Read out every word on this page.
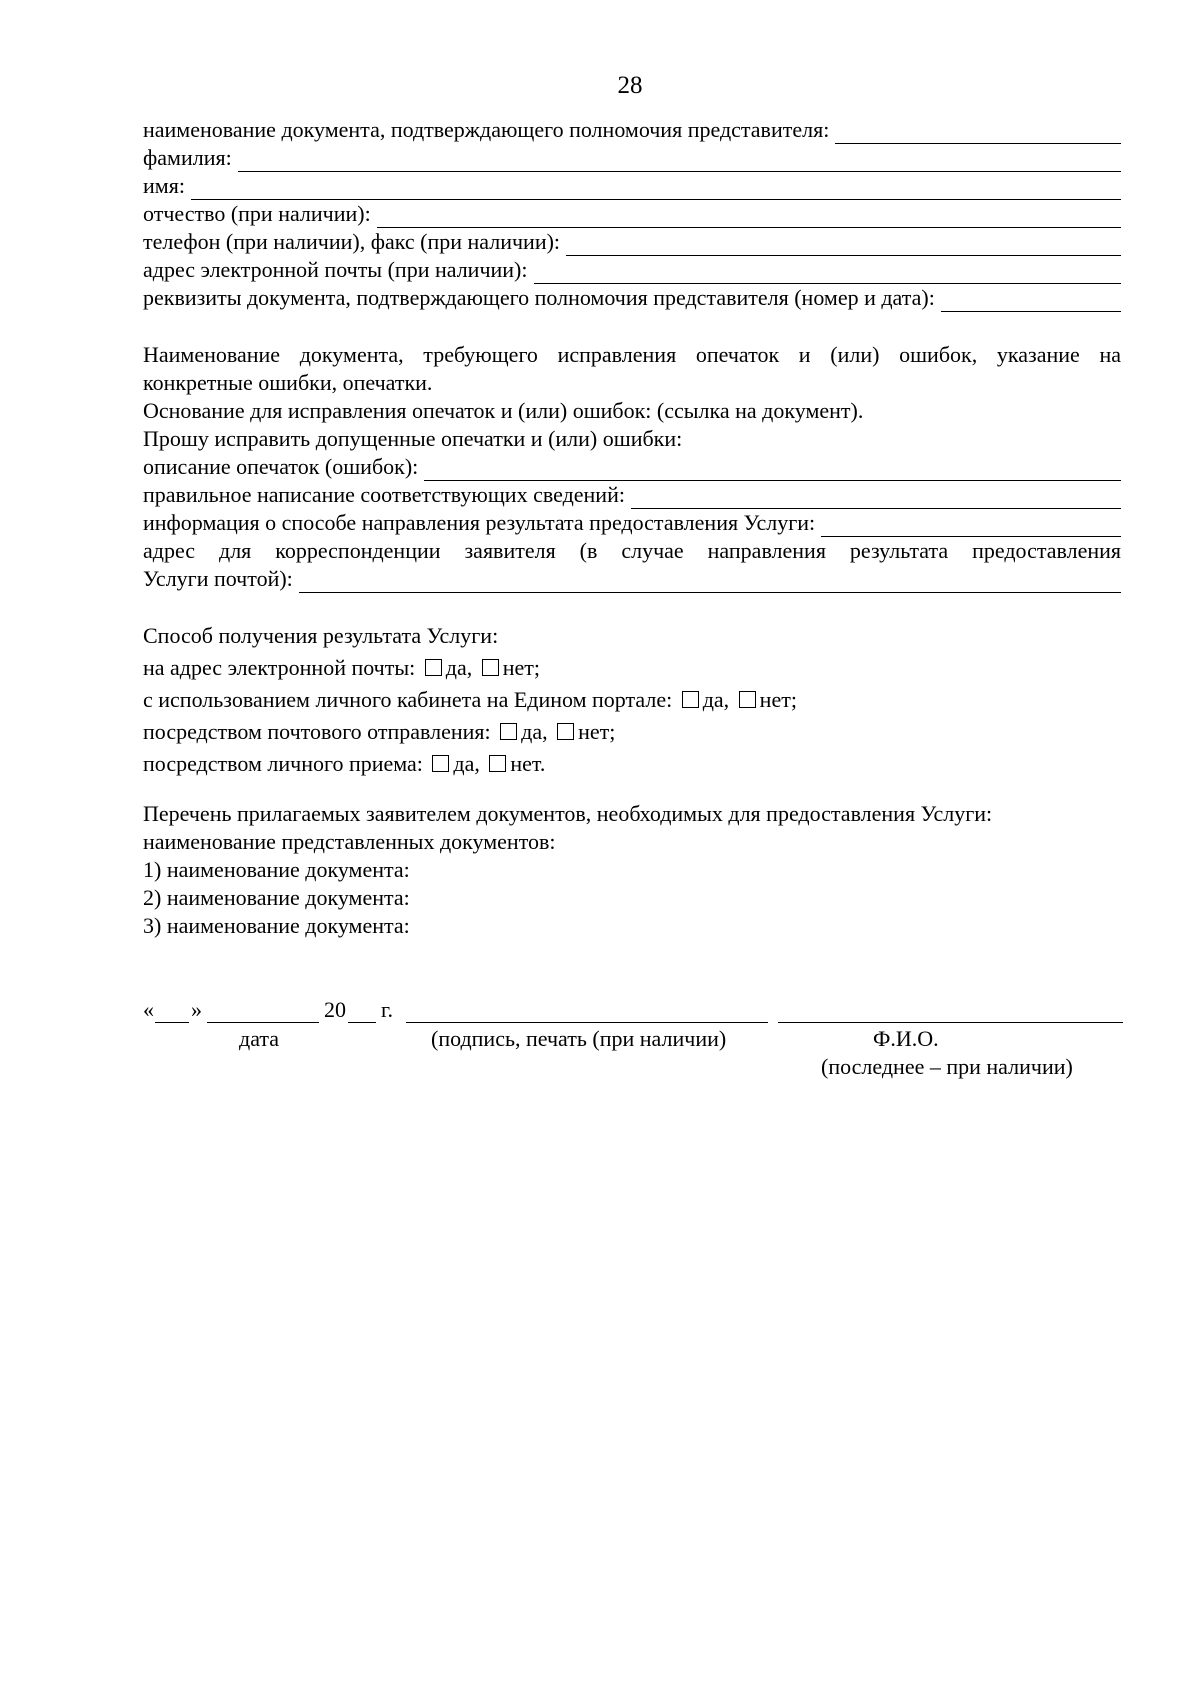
28
наименование документа, подтверждающего полномочия представителя:
фамилия:
имя:
отчество (при наличии):
телефон (при наличии), факс (при наличии):
адрес электронной почты (при наличии):
реквизиты документа, подтверждающего полномочия представителя (номер и дата):
Наименование документа, требующего исправления опечаток и (или) ошибок, указание на
конкретные ошибки, опечатки.
Основание для исправления опечаток и (или) ошибок: (ссылка на документ).
Прошу исправить допущенные опечатки и (или) ошибки:
описание опечаток (ошибок):
правильное написание соответствующих сведений:
информация о способе направления результата предоставления Услуги:
адрес для корреспонденции заявителя (в случае направления результата предоставления
Услуги почтой):
Способ получения результата Услуги:
на адрес электронной почты: да, нет;
с использованием личного кабинета на Едином портале: да, нет;
посредством почтового отправления: да, нет;
посредством личного приема: да, нет.
Перечень прилагаемых заявителем документов, необходимых для предоставления Услуги:
наименование представленных документов:
1) наименование документа:
2) наименование документа:
3) наименование документа:
« »	20 г.
дата	(подпись, печать (при наличии)	Ф.И.О.
(последнее – при наличии)
